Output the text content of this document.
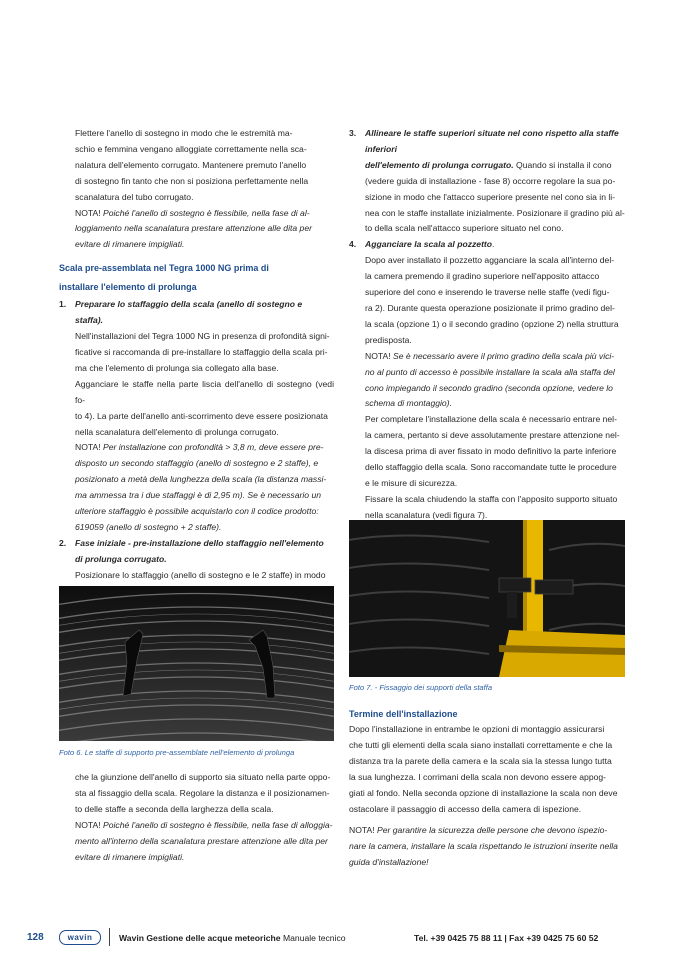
Flettere l'anello di sostegno in modo che le estremità ma-

schio e femmina vengano alloggiate correttamente nella sca-

nalatura dell'elemento corrugato. Mantenere premuto l'anello

di sostegno fin tanto che non si posiziona perfettamente nella

scanalatura del tubo corrugato.

NOTA! Poiché l'anello di sostegno è flessibile, nella fase di al-

loggiamento nella scanalatura prestare attenzione alle dita per

evitare di rimanere impigliati.

Scala pre-assemblata nel Tegra 1000 NG prima di

installare l'elemento di prolunga

1. Preparare lo staffaggio della scala (anello di sostegno e

staffa).

Nell'installazioni del Tegra 1000 NG in presenza di profondità signi-

ficative si raccomanda di pre-installare lo staffaggio della scala pri-

ma che l'elemento di prolunga sia collegato alla base.

Agganciare le staffe nella parte liscia dell'anello di sostegno (vedi fo-

to 4). La parte dell'anello anti-scorrimento deve essere posizionata

nella scanalatura dell'elemento di prolunga corrugato.

NOTA! Per installazione con profondità > 3,8 m, deve essere pre-

disposto un secondo staffaggio (anello di sostegno e 2 staffe), e

posizionato a metà della lunghezza della scala (la distanza massi-

ma ammessa tra i due staffaggi è di 2,95 m). Se è necessario un

ulteriore staffaggio è possibile acquistarlo con il codice prodotto:

619059 (anello di sostegno + 2 staffe).

2. Fase iniziale - pre-installazione dello staffaggio nell'elemento

di prolunga corrugato.

Posizionare lo staffaggio (anello di sostegno e le 2 staffe) in modo

Foto 6. Le staffe di supporto pre-assemblate nell'elemento di prolunga

che la giunzione dell'anello di supporto sia situato nella parte oppo-

sta al fissaggio della scala. Regolare la distanza e il posizionamen-

to delle staffe a seconda della larghezza della scala.

NOTA! Poiché l'anello di sostegno è flessibile, nella fase di alloggia-

mento all'interno della scanalatura prestare attenzione alle dita per

evitare di rimanere impigliati.

3. Allineare le staffe superiori situate nel cono rispetto alla staffe

inferiori

dell'elemento di prolunga corrugato. Quando si installa il cono

(vedere guida di installazione - fase 8) occorre regolare la sua po-

sizione in modo che l'attacco superiore presente nel cono sia in li-

nea con le staffe installate inizialmente. Posizionare il gradino più al-

to della scala nell'attacco superiore situato nel cono.

4. Agganciare la scala al pozzetto.

Dopo aver installato il pozzetto agganciare la scala all'interno del-

la camera premendo il gradino superiore nell'apposito attacco

superiore del cono e inserendo le traverse nelle staffe (vedi figu-

ra 2). Durante questa operazione posizionate il primo gradino del-

la scala (opzione 1) o il secondo gradino (opzione 2) nella struttura

predisposta.

NOTA! Se è necessario avere il primo gradino della scala più vici-

no al punto di accesso è possibile installare la scala alla staffa del

cono impiegando il secondo gradino (seconda opzione, vedere lo

schema di montaggio).

Per completare l'installazione della scala è necessario entrare nel-

la camera, pertanto si deve assolutamente prestare attenzione nel-

la discesa prima di aver fissato in modo definitivo la parte inferiore

dello staffaggio della scala. Sono raccomandate tutte le procedure

e le misure di sicurezza.

Fissare la scala chiudendo la staffa con l'apposito supporto situato

nella scanalatura (vedi figura 7).

Foto 7. - Fissaggio dei supporti della staffa

Termine dell'installazione

Dopo l'installazione in entrambe le opzioni di montaggio assicurarsi

che tutti gli elementi della scala siano installati correttamente e che la

distanza tra la parete della camera e la scala sia la stessa lungo tutta

la sua lunghezza. I corrimani della scala non devono essere appog-

giati al fondo. Nella seconda opzione di installazione la scala non deve

ostacolare il passaggio di accesso della camera di ispezione.

NOTA! Per garantire la sicurezza delle persone che devono ispezio-

nare la camera, installare la scala rispettando le istruzioni inserite nella

guida d'installazione!

128	wavin	Wavin Gestione delle acque meteoriche Manuale tecnico	Tel. +39 0425 75 88 11 | Fax +39 0425 75 60 52
